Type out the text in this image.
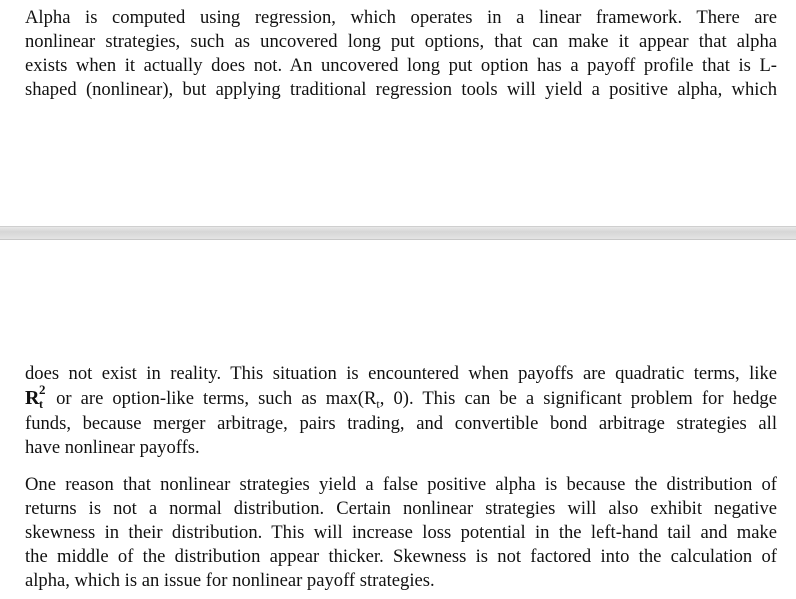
Alpha is computed using regression, which operates in a linear framework. There are
nonlinear strategies, such as uncovered long put options, that can make it appear that alpha
exists when it actually does not. An uncovered long put option has a payoff profile that is L-
shaped (nonlinear), but applying traditional regression tools will yield a positive alpha, which

does not exist in reality. This situation is encountered when payoffs are quadratic terms, like
R 2
t or are option-like terms, such as $\max(R_t$, 0). This can be a significant problem for hedge
funds, because merger arbitrage, pairs trading, and convertible bond arbitrage strategies all
have nonlinear payoffs.

One reason that nonlinear strategies yield a false positive alpha is because the distribution of
returns is not a normal distribution. Certain nonlinear strategies will also exhibit negative
skewness in their distribution. This will increase loss potential in the left-hand tail and make
the middle of the distribution appear thicker. Skewness is not factored into the calculation of
alpha, which is an issue for nonlinear payoff strategies.
